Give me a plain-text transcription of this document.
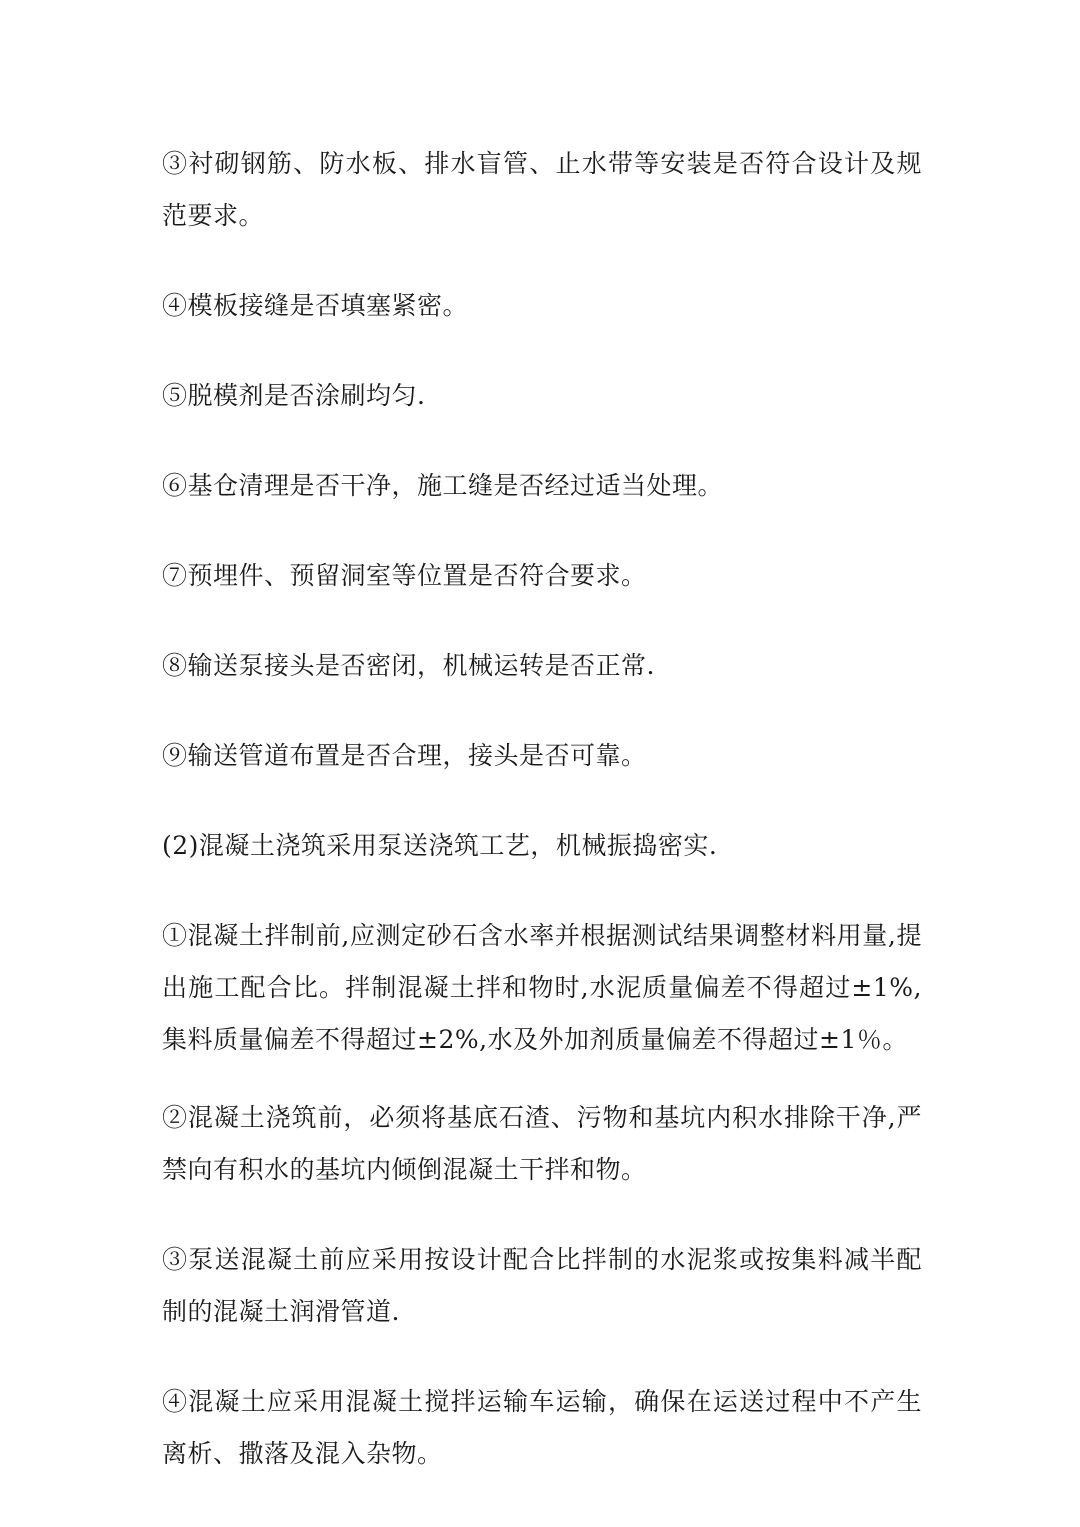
③衬砌钢筋、防水板、排水盲管、止水带等安装是否符合设计及规范要求。

④模板接缝是否填塞紧密。

⑤脱模剂是否涂刷均匀.

⑥基仓清理是否干净，施工缝是否经过适当处理。

⑦预埋件、预留洞室等位置是否符合要求。

⑧输送泵接头是否密闭，机械运转是否正常.

⑨输送管道布置是否合理，接头是否可靠。

(2)混凝土浇筑采用泵送浇筑工艺，机械振捣密实.

①混凝土拌制前,应测定砂石含水率并根据测试结果调整材料用量,提出施工配合比。拌制混凝土拌和物时,水泥质量偏差不得超过±1%,集料质量偏差不得超过±2%,水及外加剂质量偏差不得超过±1％。

②混凝土浇筑前，必须将基底石渣、污物和基坑内积水排除干净,严禁向有积水的基坑内倾倒混凝土干拌和物。

③泵送混凝土前应采用按设计配合比拌制的水泥浆或按集料减半配制的混凝土润滑管道.

④混凝土应采用混凝土搅拌运输车运输，确保在运送过程中不产生离析、撒落及混入杂物。
